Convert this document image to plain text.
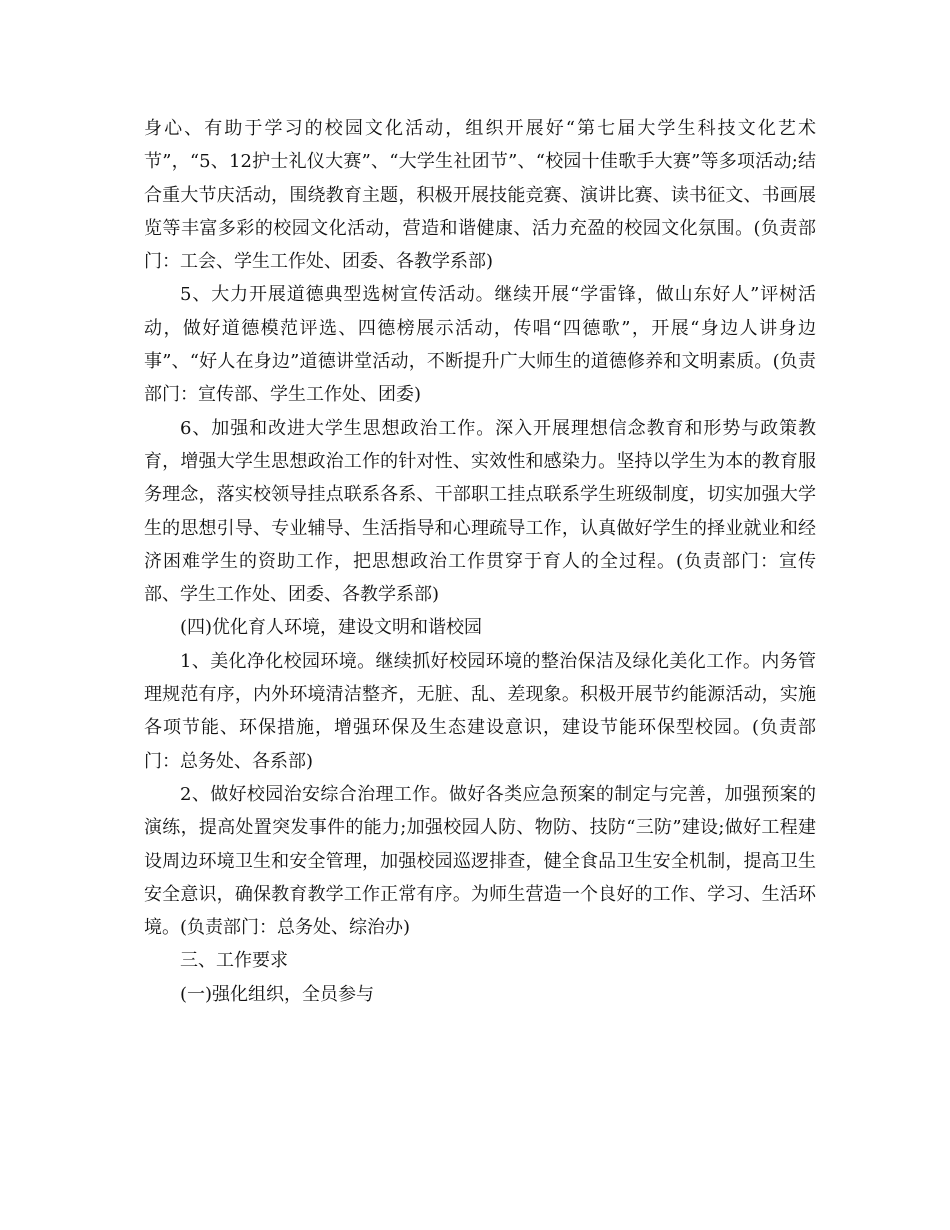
身心、有助于学习的校园文化活动，组织开展好“第七届大学生科技文化艺术节”，“5、12护士礼仪大赛”、“大学生社团节”、“校园十佳歌手大赛”等多项活动;结合重大节庆活动，围绕教育主题，积极开展技能竞赛、演讲比赛、读书征文、书画展览等丰富多彩的校园文化活动，营造和谐健康、活力充盈的校园文化氛围。(负责部门：工会、学生工作处、团委、各教学系部)

5、大力开展道德典型选树宣传活动。继续开展“学雷锋，做山东好人”评树活动，做好道德模范评选、四德榜展示活动，传唱“四德歌”，开展“身边人讲身边事”、“好人在身边”道德讲堂活动，不断提升广大师生的道德修养和文明素质。(负责部门：宣传部、学生工作处、团委)

6、加强和改进大学生思想政治工作。深入开展理想信念教育和形势与政策教育，增强大学生思想政治工作的针对性、实效性和感染力。坚持以学生为本的教育服务理念，落实校领导挂点联系各系、干部职工挂点联系学生班级制度，切实加强大学生的思想引导、专业辅导、生活指导和心理疏导工作，认真做好学生的择业就业和经济困难学生的资助工作，把思想政治工作贯穿于育人的全过程。(负责部门：宣传部、学生工作处、团委、各教学系部)

(四)优化育人环境，建设文明和谐校园

1、美化净化校园环境。继续抓好校园环境的整治保洁及绿化美化工作。内务管理规范有序，内外环境清洁整齐，无脏、乱、差现象。积极开展节约能源活动，实施各项节能、环保措施，增强环保及生态建设意识，建设节能环保型校园。(负责部门：总务处、各系部)

2、做好校园治安综合治理工作。做好各类应急预案的制定与完善，加强预案的演练，提高处置突发事件的能力;加强校园人防、物防、技防“三防”建设;做好工程建设周边环境卫生和安全管理，加强校园巡逻排查，健全食品卫生安全机制，提高卫生安全意识，确保教育教学工作正常有序。为师生营造一个良好的工作、学习、生活环境。(负责部门：总务处、综治办)

三、工作要求

(一)强化组织，全员参与
